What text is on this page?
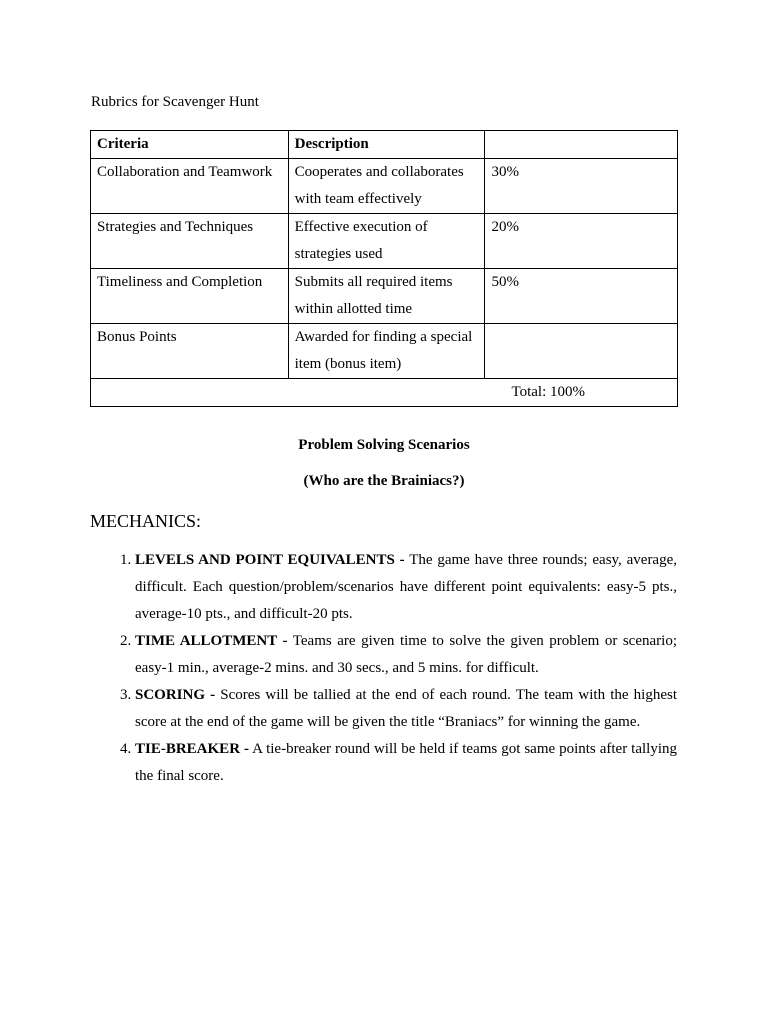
Rubrics for Scavenger Hunt
Criteria	Description	
Collaboration and Teamwork	Cooperates and collaborates with team effectively	30%
Strategies and Techniques	Effective execution of strategies used	20%
Timeliness and Completion	Submits all required items within allotted time	50%
Bonus Points	Awarded for finding a special item (bonus item)	
Total: 100%		
Problem Solving Scenarios
(Who are the Brainiacs?)
MECHANICS:
1. LEVELS AND POINT EQUIVALENTS - The game have three rounds; easy, average, difficult. Each question/problem/scenarios have different point equivalents: easy-5 pts., average-10 pts., and difficult-20 pts.
2. TIME ALLOTMENT - Teams are given time to solve the given problem or scenario; easy-1 min., average-2 mins. and 30 secs., and 5 mins. for difficult.
3. SCORING - Scores will be tallied at the end of each round. The team with the highest score at the end of the game will be given the title “Braniacs” for winning the game.
4. TIE-BREAKER - A tie-breaker round will be held if teams got same points after tallying the final score.
